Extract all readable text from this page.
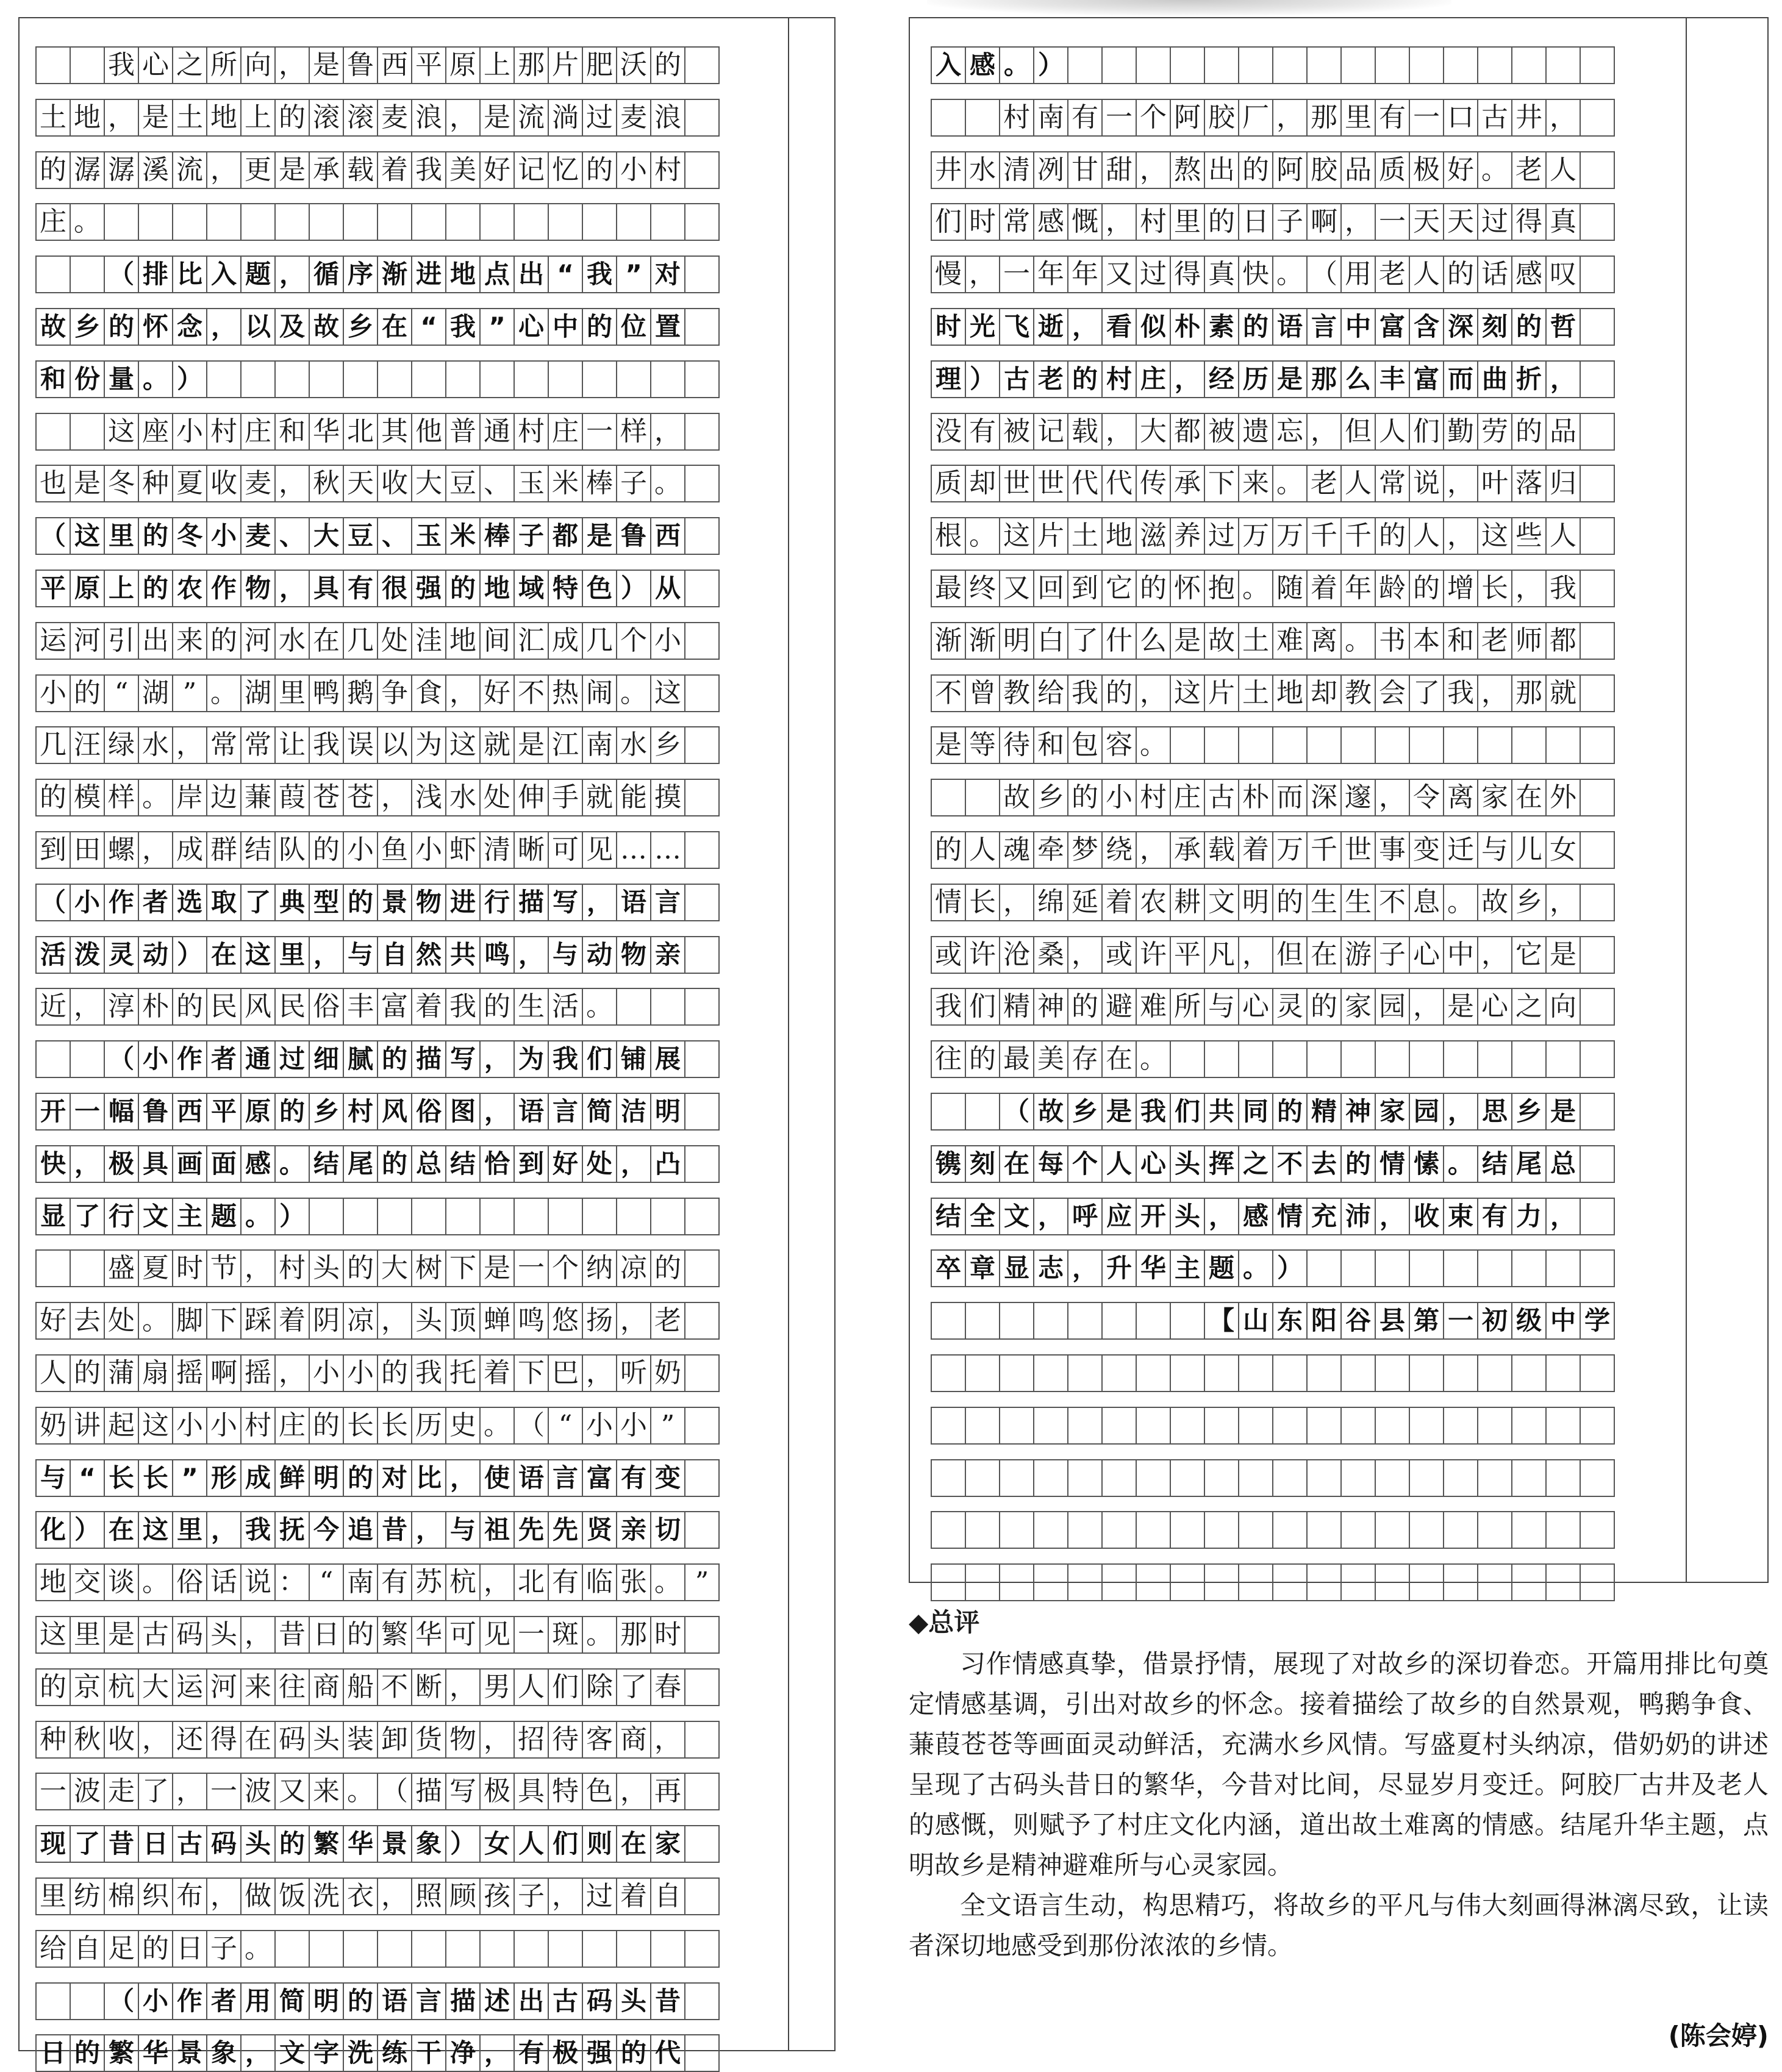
我 心 之 所 向 ， 是 鲁 西 平 原 上 那 片 肥 沃 的
土 地 ， 是 土 地 上 的 滚 滚 麦 浪 ， 是 流 淌 过 麦 浪
的 潺 潺 溪 流 ， 更 是 承 载 着 我 美 好 记 忆 的 小 村
庄 。
（ 排 比 入 题 ， 循 序 渐 进 地 点 出 “ 我 ” 对
故 乡 的 怀 念 ， 以 及 故 乡 在 “ 我 ” 心 中 的 位 置
和 份 量 。 ）
这 座 小 村 庄 和 华 北 其 他 普 通 村 庄 一 样 ，
也 是 冬 种 夏 收 麦 ， 秋 天 收 大 豆 、 玉 米 棒 子 。
（ 这 里 的 冬 小 麦 、 大 豆 、 玉 米 棒 子 都 是 鲁 西
平 原 上 的 农 作 物 ， 具 有 很 强 的 地 域 特 色 ） 从
运 河 引 出 来 的 河 水 在 几 处 洼 地 间 汇 成 几 个 小
小 的 “ 湖 ” 。 湖 里 鸭 鹅 争 食 ， 好 不 热 闹 。 这
几 汪 绿 水 ， 常 常 让 我 误 以 为 这 就 是 江 南 水 乡
的 模 样 。 岸 边 蒹 葭 苍 苍 ， 浅 水 处 伸 手 就 能 摸
到 田 螺 ， 成 群 结 队 的 小 鱼 小 虾 清 晰 可 见 … …
（ 小 作 者 选 取 了 典 型 的 景 物 进 行 描 写 ， 语 言
活 泼 灵 动 ） 在 这 里 ， 与 自 然 共 鸣 ， 与 动 物 亲
近 ， 淳 朴 的 民 风 民 俗 丰 富 着 我 的 生 活 。
（ 小 作 者 通 过 细 腻 的 描 写 ， 为 我 们 铺 展
开 一 幅 鲁 西 平 原 的 乡 村 风 俗 图 ， 语 言 简 洁 明
快 ， 极 具 画 面 感 。 结 尾 的 总 结 恰 到 好 处 ， 凸
显 了 行 文 主 题 。 ）
盛 夏 时 节 ， 村 头 的 大 树 下 是 一 个 纳 凉 的
好 去 处 。 脚 下 踩 着 阴 凉 ， 头 顶 蝉 鸣 悠 扬 ， 老
人 的 蒲 扇 摇 啊 摇 ， 小 小 的 我 托 着 下 巴 ， 听 奶
奶 讲 起 这 小 小 村 庄 的 长 长 历 史 。 （ “ 小 小 ”
与 “ 长 长 ” 形 成 鲜 明 的 对 比 ， 使 语 言 富 有 变
化 ） 在 这 里 ， 我 抚 今 追 昔 ， 与 祖 先 先 贤 亲 切
地 交 谈 。 俗 话 说 ： “ 南 有 苏 杭 ， 北 有 临 张 。 ”
这 里 是 古 码 头 ， 昔 日 的 繁 华 可 见 一 斑 。 那 时
的 京 杭 大 运 河 来 往 商 船 不 断 ， 男 人 们 除 了 春
种 秋 收 ， 还 得 在 码 头 装 卸 货 物 ， 招 待 客 商 ，
一 波 走 了 ， 一 波 又 来 。 （ 描 写 极 具 特 色 ， 再
现 了 昔 日 古 码 头 的 繁 华 景 象 ） 女 人 们 则 在 家
里 纺 棉 织 布 ， 做 饭 洗 衣 ， 照 顾 孩 子 ， 过 着 自
给 自 足 的 日 子 。
（ 小 作 者 用 简 明 的 语 言 描 述 出 古 码 头 昔
日 的 繁 华 景 象 ， 文 字 洗 练 干 净 ， 有 极 强 的 代
入 感 。 ）
村 南 有 一 个 阿 胶 厂 ， 那 里 有 一 口 古 井 ，
井 水 清 冽 甘 甜 ， 熬 出 的 阿 胶 品 质 极 好 。 老 人
们 时 常 感 慨 ， 村 里 的 日 子 啊 ， 一 天 天 过 得 真
慢 ， 一 年 年 又 过 得 真 快 。 （ 用 老 人 的 话 感 叹
时 光 飞 逝 ， 看 似 朴 素 的 语 言 中 富 含 深 刻 的 哲
理 ） 古 老 的 村 庄 ， 经 历 是 那 么 丰 富 而 曲 折 ，
没 有 被 记 载 ， 大 都 被 遗 忘 ， 但 人 们 勤 劳 的 品
质 却 世 世 代 代 传 承 下 来 。 老 人 常 说 ， 叶 落 归
根 。 这 片 土 地 滋 养 过 万 万 千 千 的 人 ， 这 些 人
最 终 又 回 到 它 的 怀 抱 。 随 着 年 龄 的 增 长 ， 我
渐 渐 明 白 了 什 么 是 故 土 难 离 。 书 本 和 老 师 都
不 曾 教 给 我 的 ， 这 片 土 地 却 教 会 了 我 ， 那 就
是 等 待 和 包 容 。
故 乡 的 小 村 庄 古 朴 而 深 邃 ， 令 离 家 在 外
的 人 魂 牵 梦 绕 ， 承 载 着 万 千 世 事 变 迁 与 儿 女
情 长 ， 绵 延 着 农 耕 文 明 的 生 生 不 息 。 故 乡 ，
或 许 沧 桑 ， 或 许 平 凡 ， 但 在 游 子 心 中 ， 它 是
我 们 精 神 的 避 难 所 与 心 灵 的 家 园 ， 是 心 之 向
往 的 最 美 存 在 。
（ 故 乡 是 我 们 共 同 的 精 神 家 园 ， 思 乡 是
镌 刻 在 每 个 人 心 头 挥 之 不 去 的 情 愫 。 结 尾 总
结 全 文 ， 呼 应 开 头 ， 感 情 充 沛 ， 收 束 有 力 ，
卒 章 显 志 ， 升 华 主 题 。 ）
【 山 东 阳 谷 县 第 一 初 级 中 学
◆总评

习作情感真挚，借景抒情，展现了对故乡的深切眷恋。开篇用排比句奠定情感基调，引出对故乡的怀念。接着描绘了故乡的自然景观，鸭鹅争食、蒹葭苍苍等画面灵动鲜活，充满水乡风情。写盛夏村头纳凉，借奶奶的讲述呈现了古码头昔日的繁华，今昔对比间，尽显岁月变迁。阿胶厂古井及老人的感慨，则赋予了村庄文化内涵，道出故土难离的情感。结尾升华主题，点明故乡是精神避难所与心灵家园。

全文语言生动，构思精巧，将故乡的平凡与伟大刻画得淋漓尽致，让读者深切地感受到那份浓浓的乡情。

(陈会婷)
